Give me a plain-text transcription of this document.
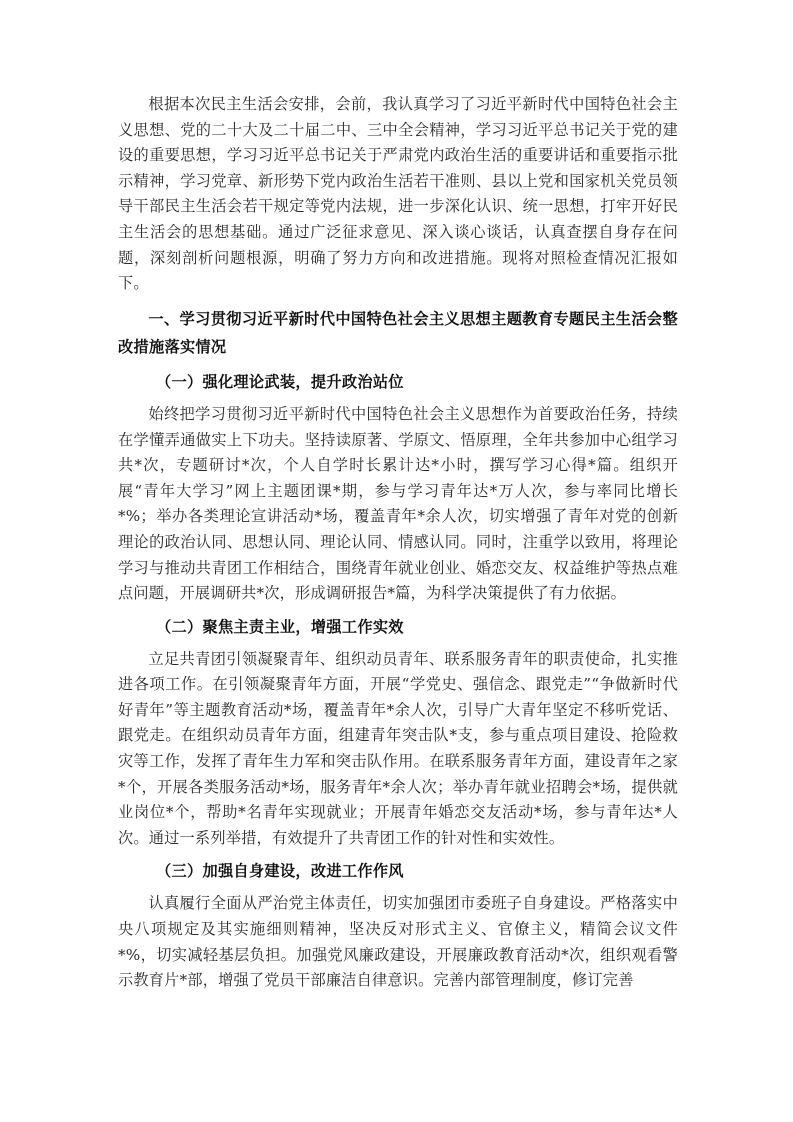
根据本次民主生活会安排，会前，我认真学习了习近平新时代中国特色社会主义思想、党的二十大及二十届二中、三中全会精神，学习习近平总书记关于党的建设的重要思想，学习习近平总书记关于严肃党内政治生活的重要讲话和重要指示批示精神，学习党章、新形势下党内政治生活若干准则、县以上党和国家机关党员领导干部民主生活会若干规定等党内法规，进一步深化认识、统一思想，打牢开好民主生活会的思想基础。通过广泛征求意见、深入谈心谈话，认真查摆自身存在问题，深刻剖析问题根源，明确了努力方向和改进措施。现将对照检查情况汇报如下。

一、学习贯彻习近平新时代中国特色社会主义思想主题教育专题民主生活会整改措施落实情况

（一）强化理论武装，提升政治站位

始终把学习贯彻习近平新时代中国特色社会主义思想作为首要政治任务，持续在学懂弄通做实上下功夫。坚持读原著、学原文、悟原理，全年共参加中心组学习共*次，专题研讨*次，个人自学时长累计达*小时，撰写学习心得*篇。组织开展“青年大学习”网上主题团课*期，参与学习青年达*万人次，参与率同比增长*%；举办各类理论宣讲活动*场，覆盖青年*余人次，切实增强了青年对党的创新理论的政治认同、思想认同、理论认同、情感认同。同时，注重学以致用，将理论学习与推动共青团工作相结合，围绕青年就业创业、婚恋交友、权益维护等热点难点问题，开展调研共*次，形成调研报告*篇，为科学决策提供了有力依据。

（二）聚焦主责主业，增强工作实效

立足共青团引领凝聚青年、组织动员青年、联系服务青年的职责使命，扎实推进各项工作。在引领凝聚青年方面，开展“学党史、强信念、跟党走”“争做新时代好青年”等主题教育活动*场，覆盖青年*余人次，引导广大青年坚定不移听党话、跟党走。在组织动员青年方面，组建青年突击队*支，参与重点项目建设、抢险救灾等工作，发挥了青年生力军和突击队作用。在联系服务青年方面，建设青年之家*个，开展各类服务活动*场，服务青年*余人次；举办青年就业招聘会*场，提供就业岗位*个，帮助*名青年实现就业；开展青年婚恋交友活动*场，参与青年达*人次。通过一系列举措，有效提升了共青团工作的针对性和实效性。

（三）加强自身建设，改进工作作风

认真履行全面从严治党主体责任，切实加强团市委班子自身建设。严格落实中央八项规定及其实施细则精神，坚决反对形式主义、官僚主义，精简会议文件*%，切实减轻基层负担。加强党风廉政建设，开展廉政教育活动*次，组织观看警示教育片*部，增强了党员干部廉洁自律意识。完善内部管理制度，修订完善
